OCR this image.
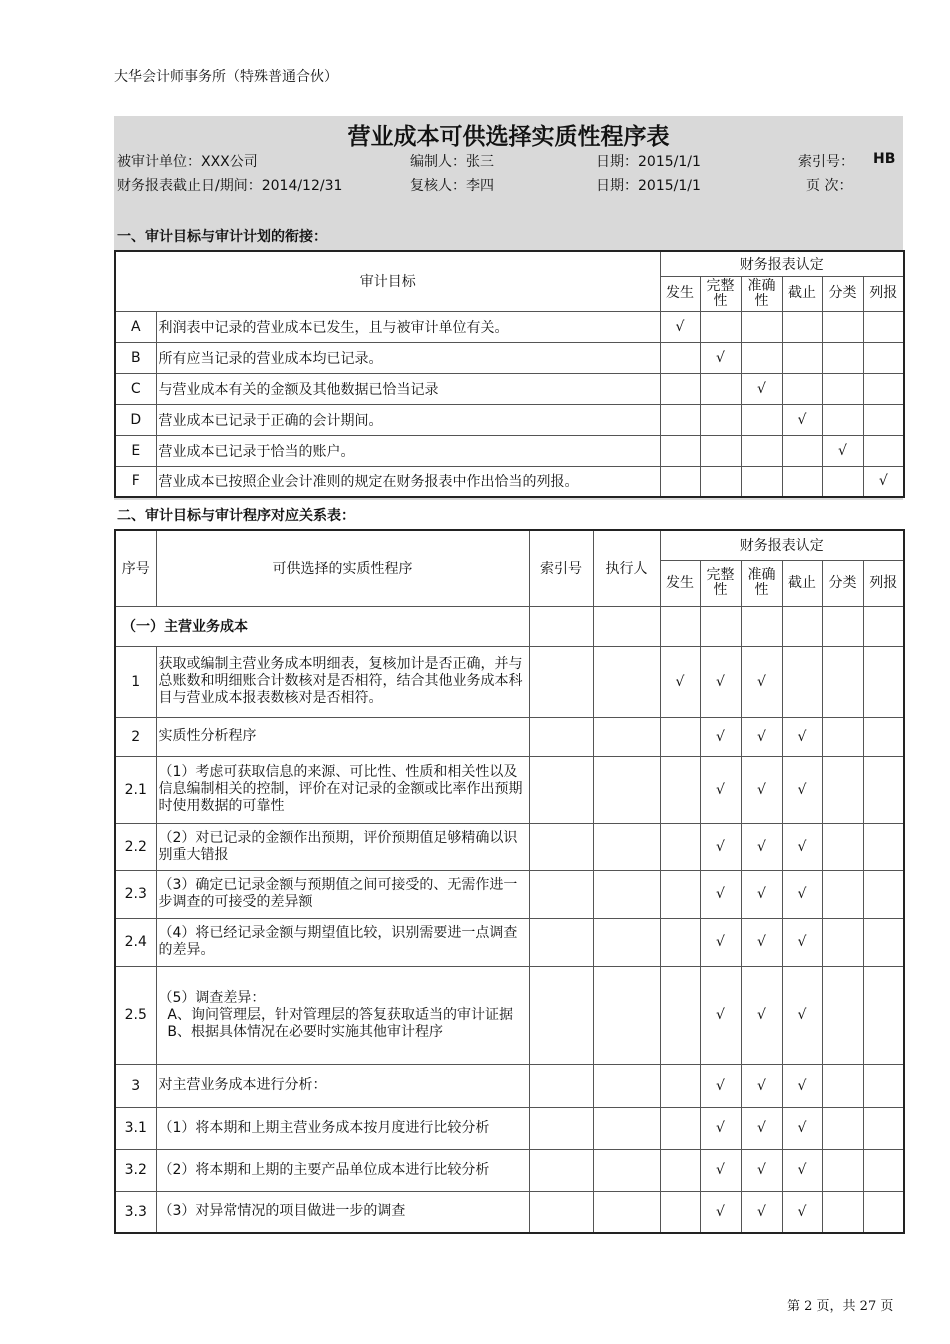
大华会计师事务所（特殊普通合伙）
营业成本可供选择实质性程序表
被审计单位：XXX公司	编制人：张三	日期：2015/1/1	索引号： HB
财务报表截止日/期间：2014/12/31	复核人：李四	日期：2015/1/1	页 次：
一、审计目标与审计计划的衔接：
审计目标		财务报表认定					
		发生	完整性	准确性	截止	分类	列报
A	利润表中记录的营业成本已发生，且与被审计单位有关。	√					
B	所有应当记录的营业成本均已记录。		√				
C	与营业成本有关的金额及其他数据已恰当记录			√			
D	营业成本已记录于正确的会计期间。				√		
E	营业成本已记录于恰当的账户。					√	
F	营业成本已按照企业会计准则的规定在财务报表中作出恰当的列报。						√
二、审计目标与审计程序对应关系表：
序号	可供选择的实质性程序	索引号	执行人	财务报表认定					
				发生	完整性	准确性	截止	分类	列报
（一）主营业务成本									
1	获取或编制主营业务成本明细表，复核加计是否正确，并与总账数和明细账合计数核对是否相符，结合其他业务成本科目与营业成本报表数核对是否相符。			√	√	√			
2	实质性分析程序				√	√	√		
2.1	（1）考虑可获取信息的来源、可比性、性质和相关性以及信息编制相关的控制，评价在对记录的金额或比率作出预期时使用数据的可靠性				√	√	√		
2.2	（2）对已记录的金额作出预期，评价预期值足够精确以识别重大错报				√	√	√		
2.3	（3）确定已记录金额与预期值之间可接受的、无需作进一步调查的可接受的差异额				√	√	√		
2.4	（4）将已经记录金额与期望值比较，识别需要进一点调查的差异。				√	√	√		
2.5	（5）调查差异：
A、询问管理层，针对管理层的答复获取适当的审计证据
B、根据具体情况在必要时实施其他审计程序				√	√	√		
3	对主营业务成本进行分析：				√	√	√		
3.1	（1）将本期和上期主营业务成本按月度进行比较分析				√	√	√		
3.2	（2）将本期和上期的主要产品单位成本进行比较分析				√	√	√		
3.3	（3）对异常情况的项目做进一步的调查				√	√	√		
第 2 页，共 27 页
